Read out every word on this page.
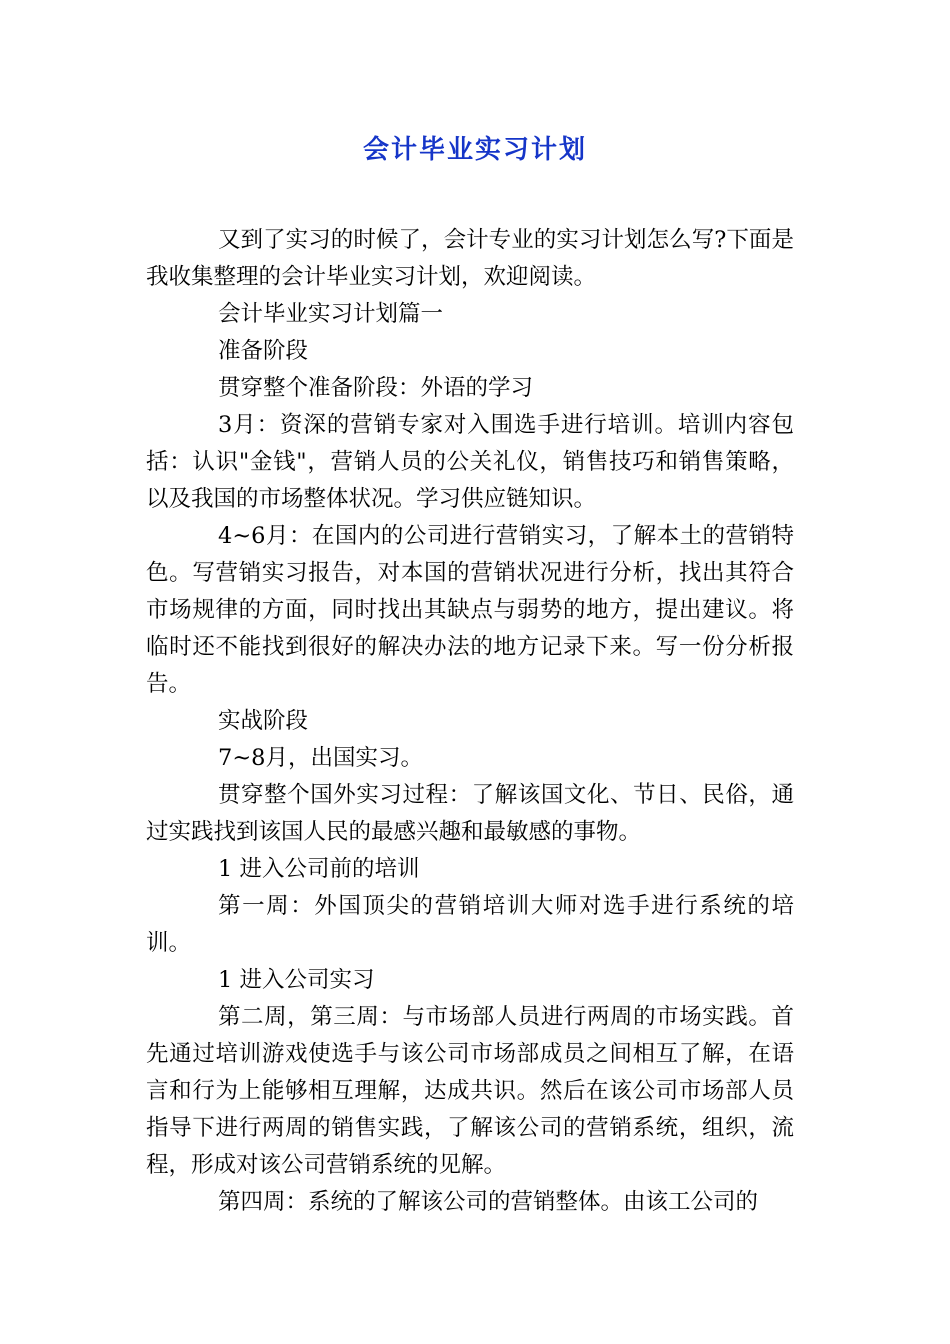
会计毕业实习计划

又到了实习的时候了，会计专业的实习计划怎么写?下面是我收集整理的会计毕业实习计划，欢迎阅读。

会计毕业实习计划篇一

准备阶段

贯穿整个准备阶段：外语的学习

3月：资深的营销专家对入围选手进行培训。培训内容包括：认识"金钱"，营销人员的公关礼仪，销售技巧和销售策略，以及我国的市场整体状况。学习供应链知识。

4~6月：在国内的公司进行营销实习，了解本土的营销特色。写营销实习报告，对本国的营销状况进行分析，找出其符合市场规律的方面，同时找出其缺点与弱势的地方，提出建议。将临时还不能找到很好的解决办法的地方记录下来。写一份分析报告。

实战阶段

7~8月，出国实习。

贯穿整个国外实习过程：了解该国文化、节日、民俗，通过实践找到该国人民的最感兴趣和最敏感的事物。

1 进入公司前的培训

第一周：外国顶尖的营销培训大师对选手进行系统的培训。

1 进入公司实习

第二周，第三周：与市场部人员进行两周的市场实践。首先通过培训游戏使选手与该公司市场部成员之间相互了解，在语言和行为上能够相互理解，达成共识。然后在该公司市场部人员指导下进行两周的销售实践，了解该公司的营销系统，组织，流程，形成对该公司营销系统的见解。

第四周：系统的了解该公司的营销整体。由该工公司的
